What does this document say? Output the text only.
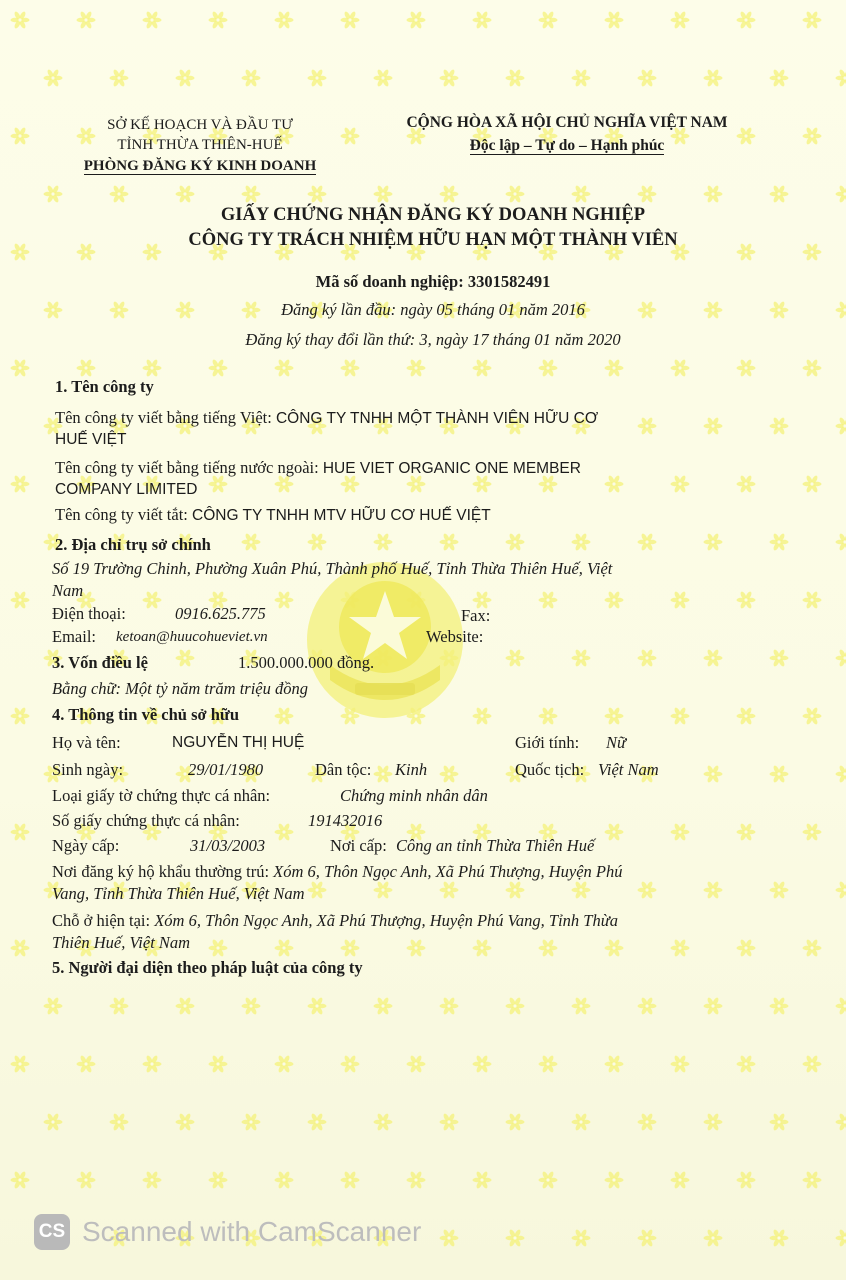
SỞ KẾ HOẠCH VÀ ĐẦU TƯ
TỈNH THỪA THIÊN-HUẾ
PHÒNG ĐĂNG KÝ KINH DOANH
CỘNG HÒA XÃ HỘI CHỦ NGHĨA VIỆT NAM
Độc lập – Tự do – Hạnh phúc
GIẤY CHỨNG NHẬN ĐĂNG KÝ DOANH NGHIỆP
CÔNG TY TRÁCH NHIỆM HỮU HẠN MỘT THÀNH VIÊN
Mã số doanh nghiệp: 3301582491
Đăng ký lần đầu: ngày 05 tháng 01 năm 2016
Đăng ký thay đổi lần thứ: 3, ngày 17 tháng 01 năm 2020
1. Tên công ty
Tên công ty viết bằng tiếng Việt: CÔNG TY TNHH MỘT THÀNH VIÊN HỮU CƠ
HUẾ VIỆT
Tên công ty viết bằng tiếng nước ngoài: HUE VIET ORGANIC ONE MEMBER
COMPANY LIMITED
Tên công ty viết tắt: CÔNG TY TNHH MTV HỮU CƠ HUẾ VIỆT
2. Địa chỉ trụ sở chính
Số 19 Trường Chinh, Phường Xuân Phú, Thành phố Huế, Tỉnh Thừa Thiên Huế, Việt
Nam
Điện thoại:	0916.625.775	Fax:
Email: ketoan@huucohueviet.vn	Website:
3. Vốn điều lệ	1.500.000.000 đồng.
Bằng chữ: Một tỷ năm trăm triệu đồng
4. Thông tin về chủ sở hữu
Họ và tên:	NGUYỄN THỊ HUỆ	Giới tính: Nữ
Sinh ngày:	29/01/1980	Dân tộc: Kinh	Quốc tịch: Việt Nam
Loại giấy tờ chứng thực cá nhân:	Chứng minh nhân dân
Số giấy chứng thực cá nhân:	191432016
Ngày cấp:	31/03/2003	Nơi cấp: Công an tỉnh Thừa Thiên Huế
Nơi đăng ký hộ khẩu thường trú: Xóm 6, Thôn Ngọc Anh, Xã Phú Thượng, Huyện Phú
Vang, Tỉnh Thừa Thiên Huế, Việt Nam
Chỗ ở hiện tại: Xóm 6, Thôn Ngọc Anh, Xã Phú Thượng, Huyện Phú Vang, Tỉnh Thừa
Thiên Huế, Việt Nam
5. Người đại diện theo pháp luật của công ty
CS Scanned with CamScanner
